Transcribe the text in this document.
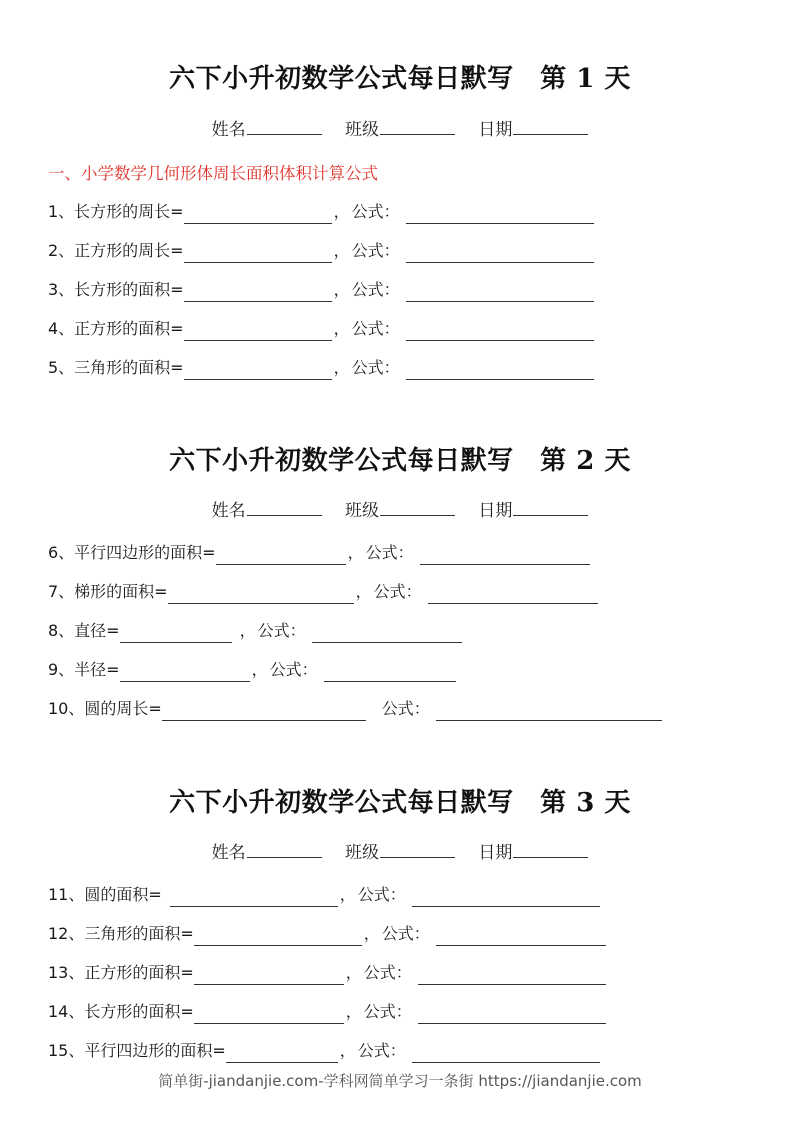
六下小升初数学公式每日默写　第 1 天
姓名	班级	日期
一、小学数学几何形体周长面积体积计算公式
1、长方形的周长=	， 公式：
2、正方形的周长=	， 公式：
3、长方形的面积=	， 公式：
4、正方形的面积=	， 公式：
5、三角形的面积=	， 公式：
六下小升初数学公式每日默写　第 2 天
姓名	班级	日期
6、平行四边形的面积=	， 公式：
7、梯形的面积=	， 公式：
8、直径=	， 公式：
9、半径=	， 公式：
10、圆的周长=	公式：
六下小升初数学公式每日默写　第 3 天
姓名	班级	日期
11、圆的面积=	， 公式：
12、三角形的面积=	， 公式：
13、正方形的面积=	， 公式：
14、长方形的面积=	， 公式：
15、平行四边形的面积=	， 公式：
简单街-jiandanjie.com-学科网简单学习一条街 https://jiandanjie.com
